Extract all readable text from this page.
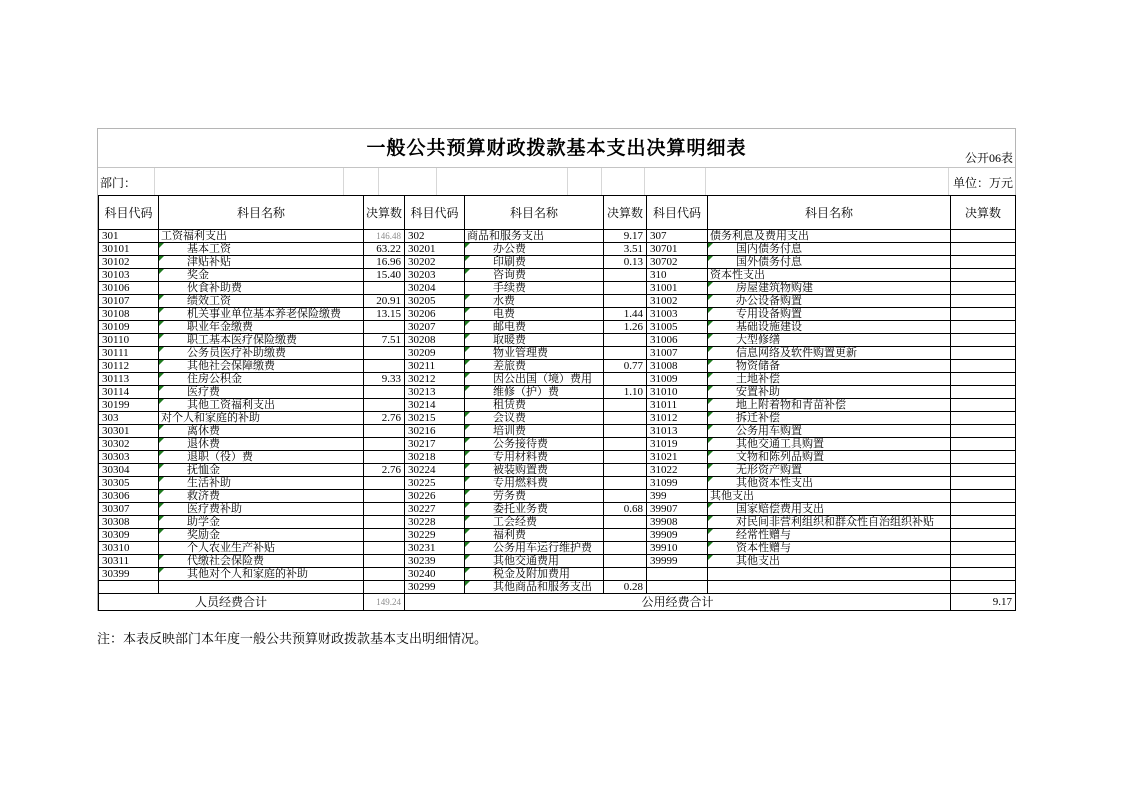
一般公共预算财政拨款基本支出决算明细表	公开06表
部门：	单位：万元
科目代码	科目名称	决算数	科目代码	科目名称	决算数	科目代码	科目名称	决算数
301	工资福利支出	146.48	302	商品和服务支出	9.17	307	债务利息及费用支出	
30101	基本工资	63.22	30201	办公费	3.51	30701	国内债务付息	
30102	津贴补贴	16.96	30202	印刷费	0.13	30702	国外债务付息	
30103	奖金	15.40	30203	咨询费		310	资本性支出	
30106	伙食补助费		30204	手续费		31001	房屋建筑物购建	
30107	绩效工资	20.91	30205	水费		31002	办公设备购置	
30108	机关事业单位基本养老保险缴费	13.15	30206	电费	1.44	31003	专用设备购置	
30109	职业年金缴费		30207	邮电费	1.26	31005	基础设施建设	
30110	职工基本医疗保险缴费	7.51	30208	取暖费		31006	大型修缮	
30111	公务员医疗补助缴费		30209	物业管理费		31007	信息网络及软件购置更新	
30112	其他社会保障缴费		30211	差旅费	0.77	31008	物资储备	
30113	住房公积金	9.33	30212	因公出国（境）费用		31009	土地补偿	
30114	医疗费		30213	维修（护）费	1.10	31010	安置补助	
30199	其他工资福利支出		30214	租赁费		31011	地上附着物和青苗补偿	
303	对个人和家庭的补助	2.76	30215	会议费		31012	拆迁补偿	
30301	离休费		30216	培训费		31013	公务用车购置	
30302	退休费		30217	公务接待费		31019	其他交通工具购置	
30303	退职（役）费		30218	专用材料费		31021	文物和陈列品购置	
30304	抚恤金	2.76	30224	被装购置费		31022	无形资产购置	
30305	生活补助		30225	专用燃料费		31099	其他资本性支出	
30306	救济费		30226	劳务费		399	其他支出	
30307	医疗费补助		30227	委托业务费	0.68	39907	国家赔偿费用支出	
30308	助学金		30228	工会经费		39908	对民间非营利组织和群众性自治组织补贴	
30309	奖励金		30229	福利费		39909	经常性赠与	
30310	个人农业生产补贴		30231	公务用车运行维护费		39910	资本性赠与	
30311	代缴社会保险费		30239	其他交通费用		39999	其他支出	
30399	其他对个人和家庭的补助		30240	税金及附加费用				
			30299	其他商品和服务支出	0.28			
人员经费合计		149.24	公用经费合计					9.17
注：本表反映部门本年度一般公共预算财政拨款基本支出明细情况。
